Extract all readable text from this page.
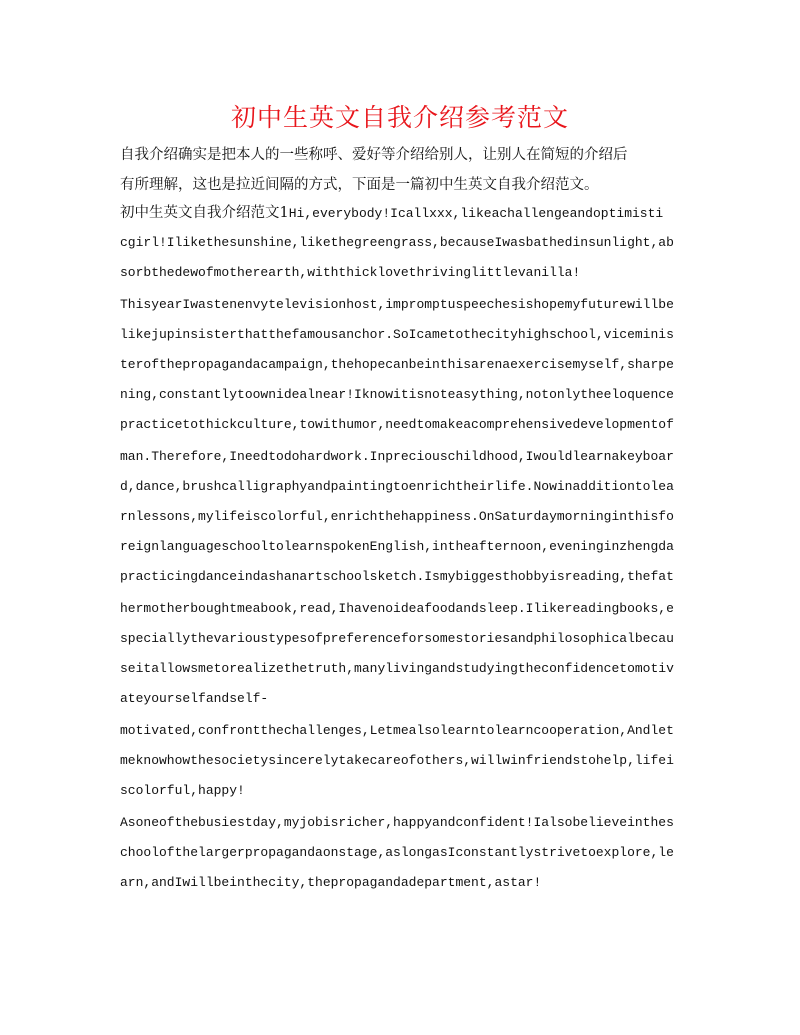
初中生英文自我介绍参考范文

自我介绍确实是把本人的一些称呼、爱好等介绍给别人，让别人在简短的介绍后

有所理解，这也是拉近间隔的方式，下面是一篇初中生英文自我介绍范文。

初中生英文自我介绍范文1Hi,everybody!Icallxxx,likeachallengeandoptimisti

cgirl!Ilikethesunshine,likethegreengrass,becauseIwasbathedinsunlight,ab

sorbthedewofmotherearth,withthicklovethrivinglittlevanilla!

ThisyearIwastenenvytelevisionhost,impromptuspeechesishopemyfuturewillbe

likejupinsisterthatthefamousanchor.SoIcametothecityhighschool,viceminis

terofthepropagandacampaign,thehopecanbeinthisarenaexercisemyself,sharpe

ning,constantlytoownidealnear!Iknowitisnoteasything,notonlytheeloquence

practicetothickculture,towithumor,needtomakeacomprehensivedevelopmentof

man.Therefore,Ineedtodohardwork.Inpreciouschildhood,Iwouldlearnakeyboar

d,dance,brushcalligraphyandpaintingtoenrichtheirlife.Nowinadditiontolea

rnlessons,mylifeiscolorful,enrichthehappiness.OnSaturdaymorninginthisfo

reignlanguageschooltolearnspokenEnglish,intheafternoon,eveninginzhengda

practicingdanceindashanartschoolsketch.Ismybiggesthobbyisreading,thefat

hermotherboughtmeabook,read,Ihavenoideafoodandsleep.Ilikereadingbooks,e

speciallythevarioustypesofpreferenceforsomestoriesandphilosophicalbecau

seitallowsmetorealizethetruth,manylivingandstudyingtheconfidencetomotiv

ateyourselfandself-

motivated,confrontthechallenges,Letmealsolearntolearncooperation,Andlet

meknowhowthesocietysincerelytakecareofothers,willwinfriendstohelp,lifei

scolorful,happy!

Asoneofthebusiestday,myjobisricher,happyandconfident!Ialsobelieveinthes

choolofthelargerpropagandaonstage,aslongasIconstantlystrivetoexplore,le

arn,andIwillbeinthecity,thepropagandadepartment,astar!
